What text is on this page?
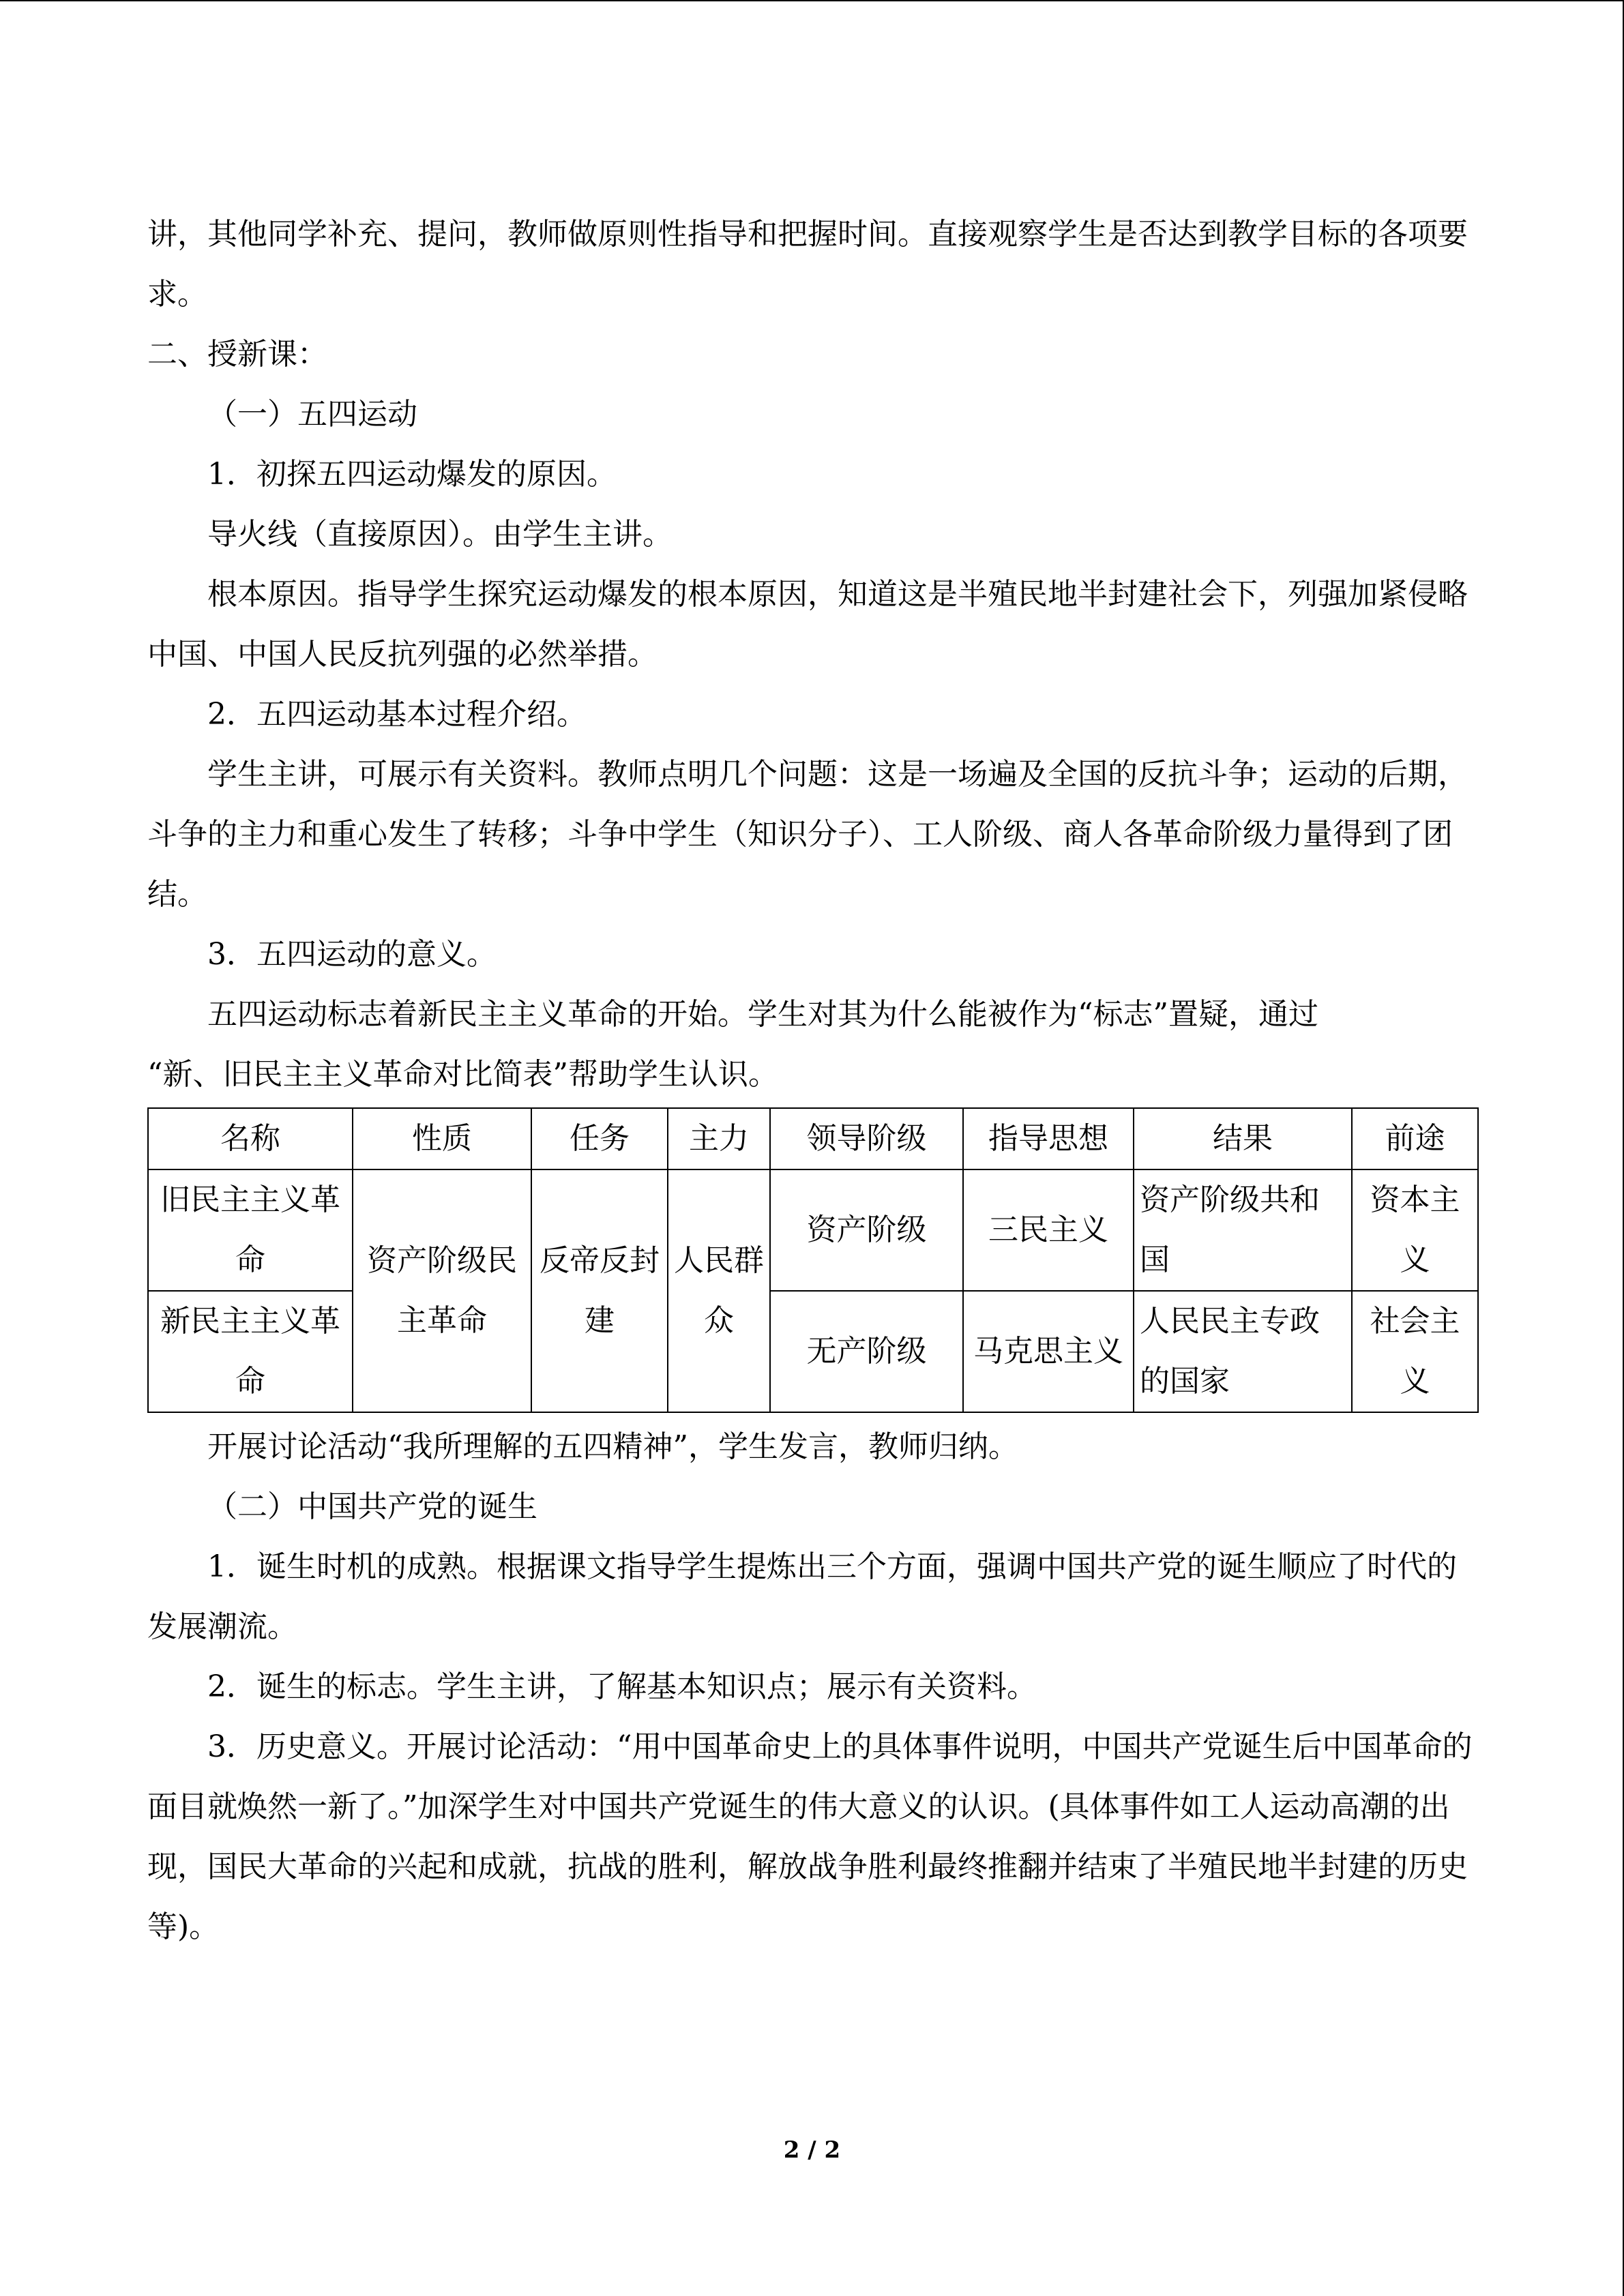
讲，其他同学补充、提问，教师做原则性指导和把握时间。直接观察学生是否达到教学目标的各项要求。

二、授新课：

（一）五四运动

1．初探五四运动爆发的原因。

导火线（直接原因）。由学生主讲。

根本原因。指导学生探究运动爆发的根本原因，知道这是半殖民地半封建社会下，列强加紧侵略中国、中国人民反抗列强的必然举措。

2．五四运动基本过程介绍。

学生主讲，可展示有关资料。教师点明几个问题：这是一场遍及全国的反抗斗争；运动的后期，斗争的主力和重心发生了转移；斗争中学生（知识分子）、工人阶级、商人各革命阶级力量得到了团结。

3．五四运动的意义。

五四运动标志着新民主主义革命的开始。学生对其为什么能被作为“标志”置疑，通过

“新、旧民主主义革命对比简表”帮助学生认识。

名称	性质	任务	主力	领导阶级	指导思想	结果	前途
旧民主主义革命	资产阶级民主革命	反帝反封建	人民群众	资产阶级	三民主义	资产阶级共和国	资本主义
新民主主义革命				无产阶级	马克思主义	人民民主专政的国家	社会主义

开展讨论活动“我所理解的五四精神”，学生发言，教师归纳。

（二）中国共产党的诞生

1．诞生时机的成熟。根据课文指导学生提炼出三个方面，强调中国共产党的诞生顺应了时代的发展潮流。

2．诞生的标志。学生主讲，了解基本知识点；展示有关资料。

3．历史意义。开展讨论活动：“用中国革命史上的具体事件说明，中国共产党诞生后中国革命的面目就焕然一新了。”加深学生对中国共产党诞生的伟大意义的认识。(具体事件如工人运动高潮的出现，国民大革命的兴起和成就，抗战的胜利，解放战争胜利最终推翻并结束了半殖民地半封建的历史等)。

2 / 2
